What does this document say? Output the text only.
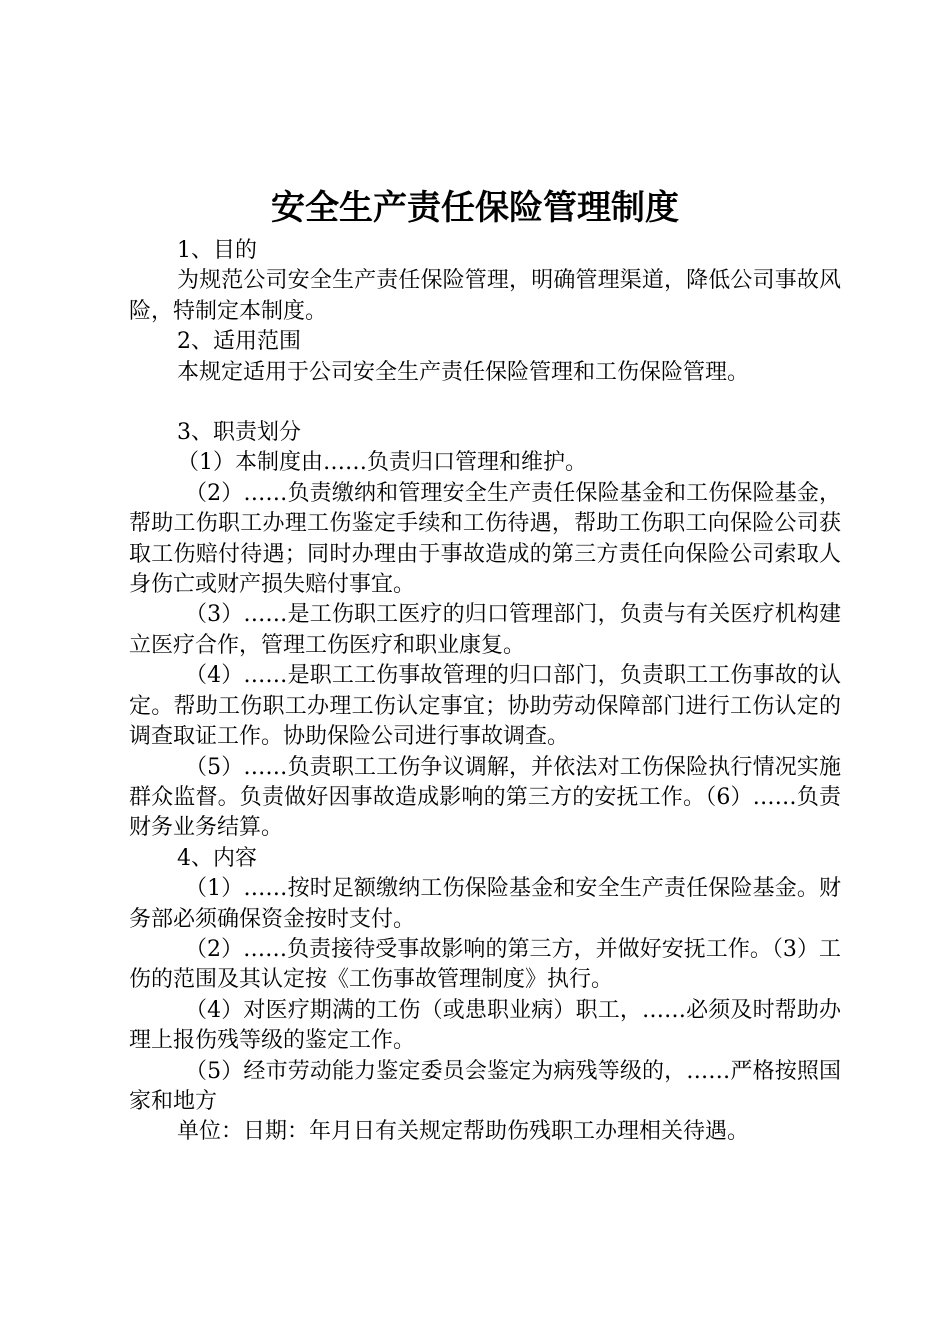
安全生产责任保险管理制度

1、目的

为规范公司安全生产责任保险管理，明确管理渠道，降低公司事故风险，特制定本制度。

2、适用范围

本规定适用于公司安全生产责任保险管理和工伤保险管理。

3、职责划分

（1）本制度由……负责归口管理和维护。

（2）……负责缴纳和管理安全生产责任保险基金和工伤保险基金，帮助工伤职工办理工伤鉴定手续和工伤待遇，帮助工伤职工向保险公司获取工伤赔付待遇；同时办理由于事故造成的第三方责任向保险公司索取人身伤亡或财产损失赔付事宜。

（3）……是工伤职工医疗的归口管理部门，负责与有关医疗机构建立医疗合作，管理工伤医疗和职业康复。

（4）……是职工工伤事故管理的归口部门，负责职工工伤事故的认定。帮助工伤职工办理工伤认定事宜；协助劳动保障部门进行工伤认定的调查取证工作。协助保险公司进行事故调查。

（5）……负责职工工伤争议调解，并依法对工伤保险执行情况实施群众监督。负责做好因事故造成影响的第三方的安抚工作。（6）……负责财务业务结算。

4、内容

（1）……按时足额缴纳工伤保险基金和安全生产责任保险基金。财务部必须确保资金按时支付。

（2）……负责接待受事故影响的第三方，并做好安抚工作。（3）工伤的范围及其认定按《工伤事故管理制度》执行。

（4）对医疗期满的工伤（或患职业病）职工，……必须及时帮助办理上报伤残等级的鉴定工作。

（5）经市劳动能力鉴定委员会鉴定为病残等级的，……严格按照国家和地方

单位：日期：年月日有关规定帮助伤残职工办理相关待遇。
